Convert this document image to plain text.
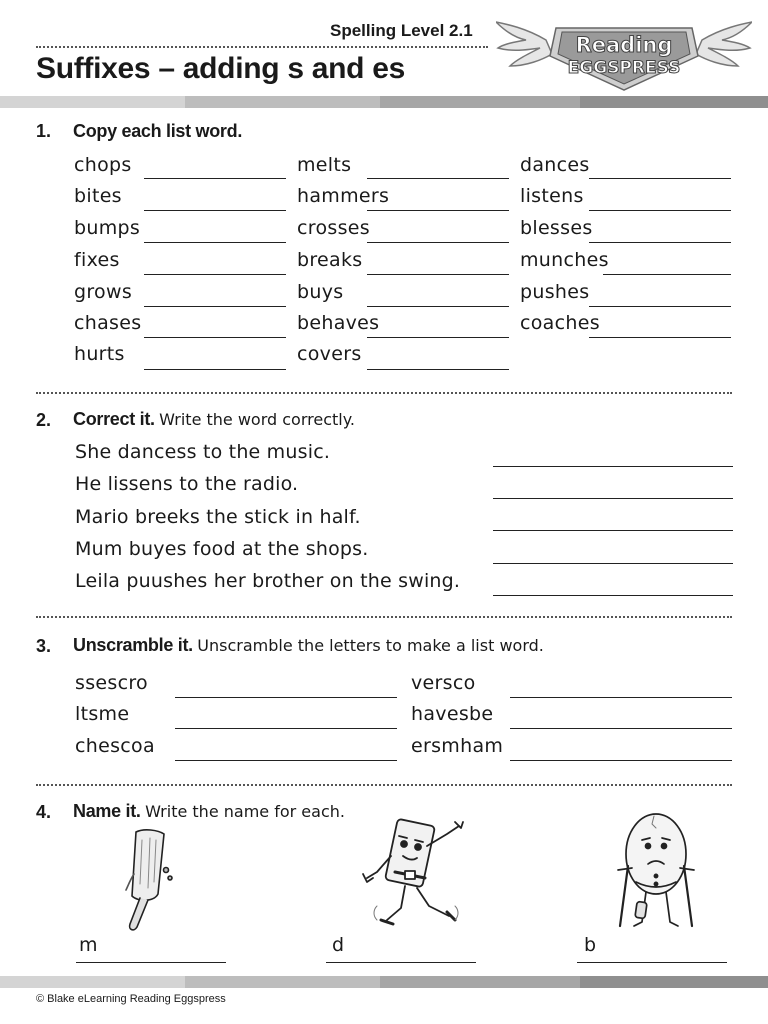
Spelling Level 2.1
Suffixes – adding s and es
Reading
EGGSPRESS
1. Copy each list word.
chops
bites
bumps
fixes
grows
chases
hurts
melts
hammers
crosses
breaks
buys
behaves
covers
dances
listens
blesses
munches
pushes
coaches
2. Correct it. Write the word correctly.
She dancess to the music.
He lissens to the radio.
Mario breeks the stick in half.
Mum buyes food at the shops.
Leila puushes her brother on the swing.
3. Unscramble it. Unscramble the letters to make a list word.
ssescro
ltsme
chescoa
versco
havesbe
ersmham
4. Name it. Write the name for each.
m	d	b
© Blake eLearning Reading Eggspress
